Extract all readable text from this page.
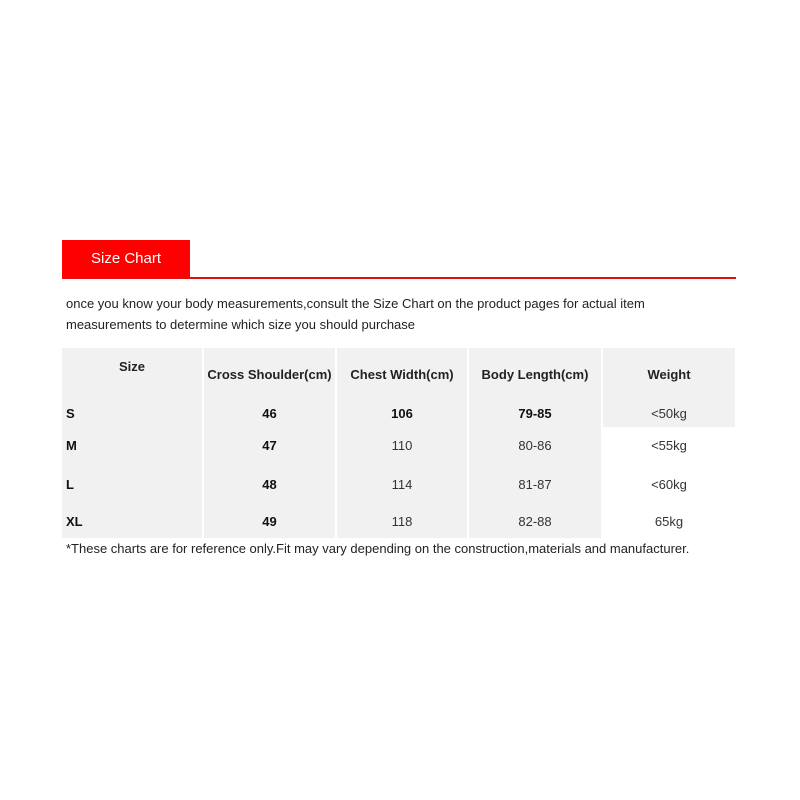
Size Chart
once you know your body measurements,consult the Size Chart on the product pages for actual item measurements to determine which size you should purchase
Size	Cross Shoulder(cm)	Chest Width(cm)	Body Length(cm)	Weight
S	46	106	79-85	<50kg
M	47	110	80-86	<55kg
L	48	114	81-87	<60kg
XL	49	118	82-88	65kg
*These charts are for reference only.Fit may vary depending on the construction,materials and manufacturer.
